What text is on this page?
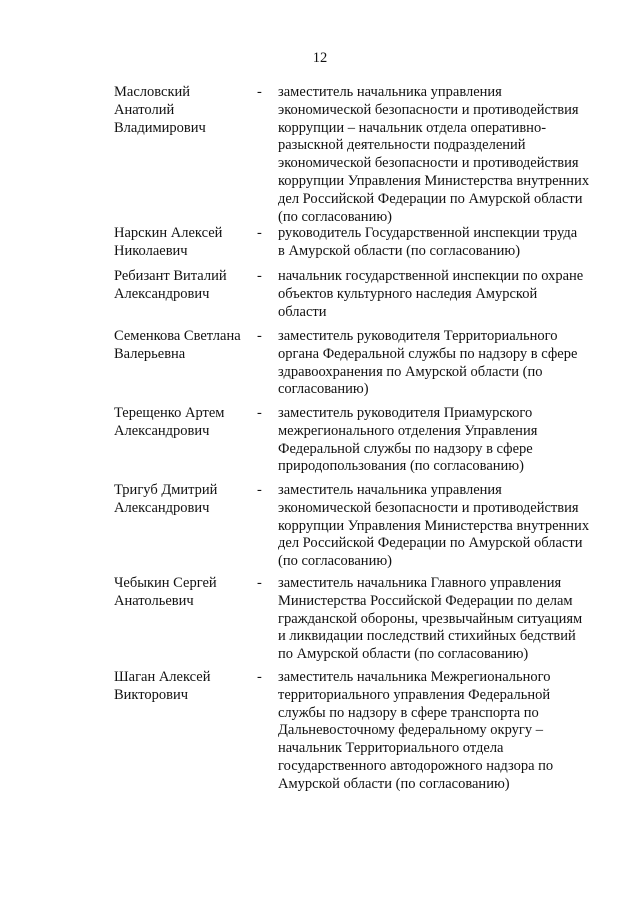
12
Масловский
Анатолий
Владимирович
- заместитель начальника управления
экономической безопасности и противодействия
коррупции – начальник отдела оперативно-
разыскной деятельности подразделений
экономической безопасности и противодействия
коррупции Управления Министерства внутренних
дел Российской Федерации по Амурской области
(по согласованию)
Нарскин Алексей
Николаевич
- руководитель Государственной инспекции труда
в Амурской области (по согласованию)
Ребизант Виталий
Александрович
- начальник государственной инспекции по охране
объектов культурного наследия Амурской
области
Семенкова Светлана
Валерьевна
- заместитель руководителя Территориального
органа Федеральной службы по надзору в сфере
здравоохранения по Амурской области (по
согласованию)
Терещенко Артем
Александрович
- заместитель руководителя Приамурского
межрегионального отделения Управления
Федеральной службы по надзору в сфере
природопользования (по согласованию)
Тригуб Дмитрий
Александрович
- заместитель начальника управления
экономической безопасности и противодействия
коррупции Управления Министерства внутренних
дел Российской Федерации по Амурской области
(по согласованию)
Чебыкин Сергей
Анатольевич
- заместитель начальника Главного управления
Министерства Российской Федерации по делам
гражданской обороны, чрезвычайным ситуациям
и ликвидации последствий стихийных бедствий
по Амурской области (по согласованию)
Шаган Алексей
Викторович
- заместитель начальника Межрегионального
территориального управления Федеральной
службы по надзору в сфере транспорта по
Дальневосточному федеральному округу –
начальник Территориального отдела
государственного автодорожного надзора по
Амурской области (по согласованию)
